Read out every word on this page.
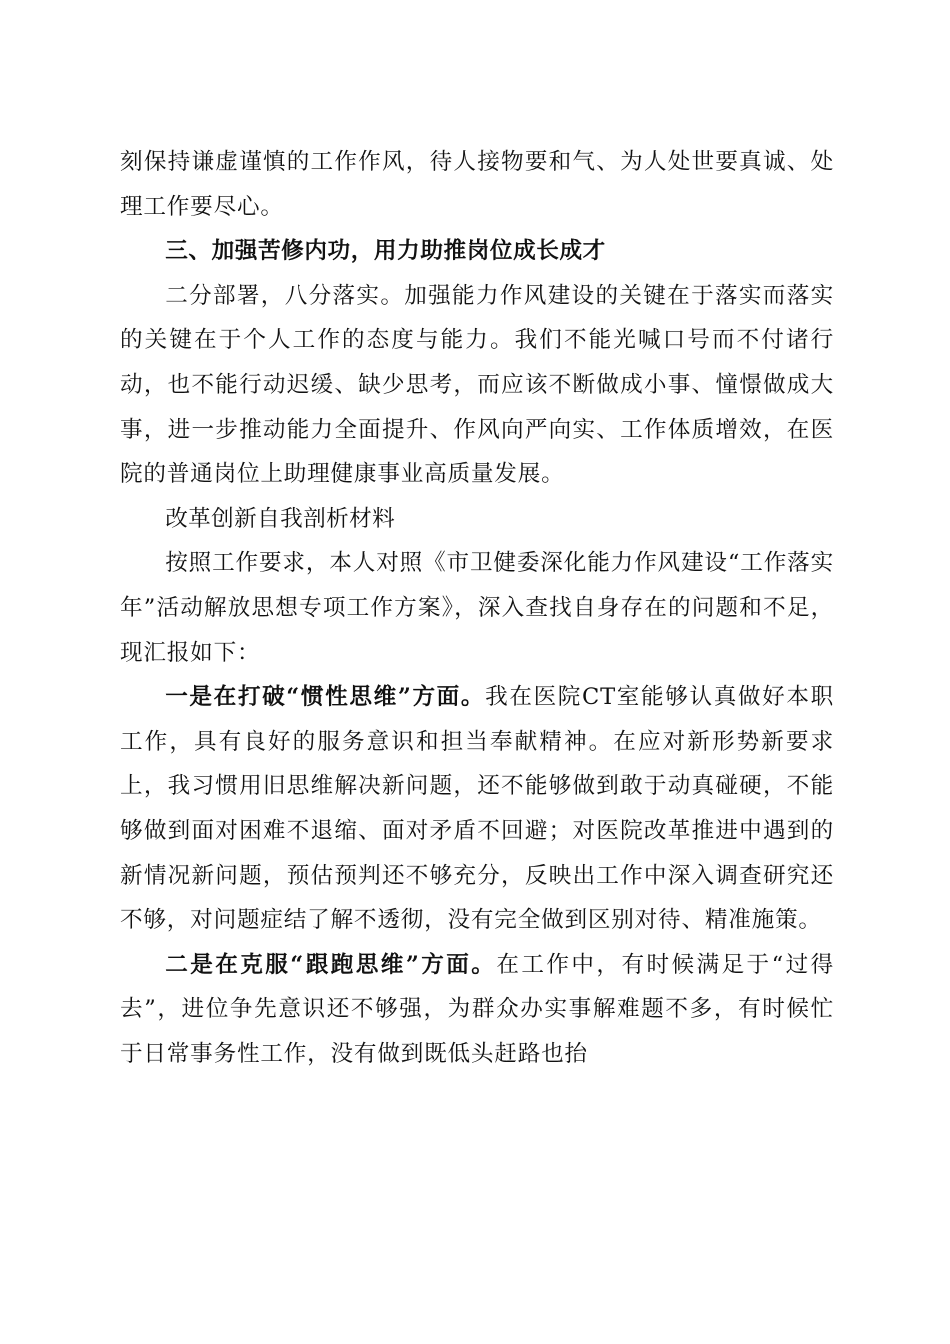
刻保持谦虚谨慎的工作作风，待人接物要和气、为人处世要真诚、处理工作要尽心。

三、加强苦修内功，用力助推岗位成长成才

二分部署，八分落实。加强能力作风建设的关键在于落实而落实的关键在于个人工作的态度与能力。我们不能光喊口号而不付诸行动，也不能行动迟缓、缺少思考，而应该不断做成小事、憧憬做成大事，进一步推动能力全面提升、作风向严向实、工作体质增效，在医院的普通岗位上助理健康事业高质量发展。

改革创新自我剖析材料

按照工作要求，本人对照《市卫健委深化能力作风建设“工作落实年”活动解放思想专项工作方案》，深入查找自身存在的问题和不足，现汇报如下：

一是在打破“惯性思维”方面。我在医院CT室能够认真做好本职工作，具有良好的服务意识和担当奉献精神。在应对新形势新要求上，我习惯用旧思维解决新问题，还不能够做到敢于动真碰硬，不能够做到面对困难不退缩、面对矛盾不回避；对医院改革推进中遇到的新情况新问题，预估预判还不够充分，反映出工作中深入调查研究还不够，对问题症结了解不透彻，没有完全做到区别对待、精准施策。

二是在克服“跟跑思维”方面。在工作中，有时候满足于“过得去”，进位争先意识还不够强，为群众办实事解难题不多，有时候忙于日常事务性工作，没有做到既低头赶路也抬
